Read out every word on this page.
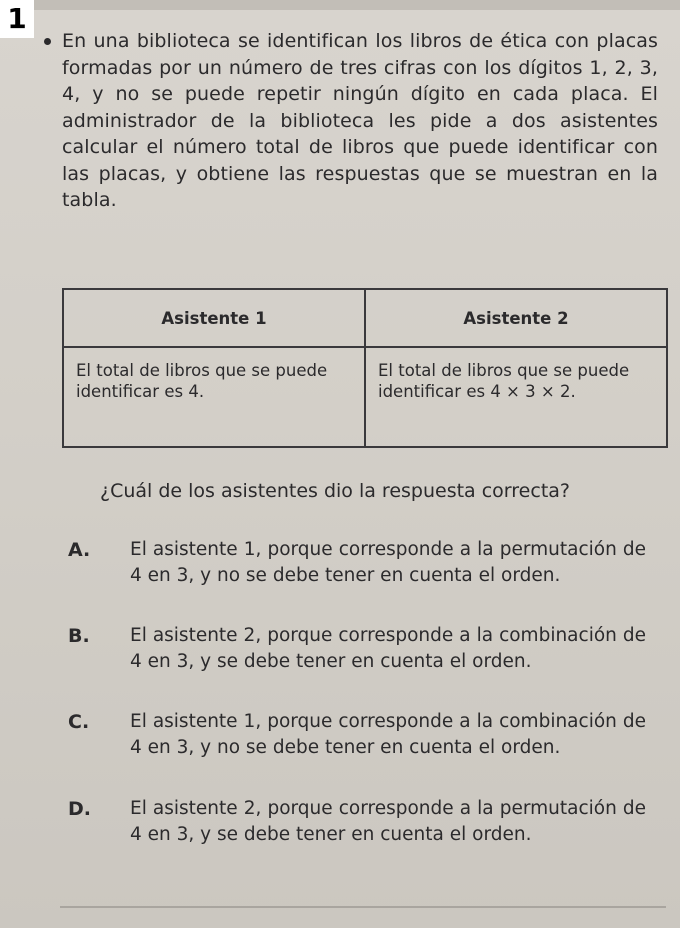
1
En una biblioteca se identifican los libros de ética con placas formadas por un número de tres cifras con los dígitos 1, 2, 3, 4, y no se puede repetir ningún dígito en cada placa. El administrador de la biblioteca les pide a dos asistentes calcular el número total de libros que puede identificar con las placas, y obtiene las respuestas que se muestran en la tabla.
Asistente 1	Asistente 2
El total de libros que se puede identificar es 4.	El total de libros que se puede identificar es 4 × 3 × 2.
¿Cuál de los asistentes dio la respuesta correcta?
A.	El asistente 1, porque corresponde a la permutación de 4 en 3, y no se debe tener en cuenta el orden.
B.	El asistente 2, porque corresponde a la combinación de 4 en 3, y se debe tener en cuenta el orden.
C.	El asistente 1, porque corresponde a la combinación de 4 en 3, y no se debe tener en cuenta el orden.
D.	El asistente 2, porque corresponde a la permutación de 4 en 3, y se debe tener en cuenta el orden.
